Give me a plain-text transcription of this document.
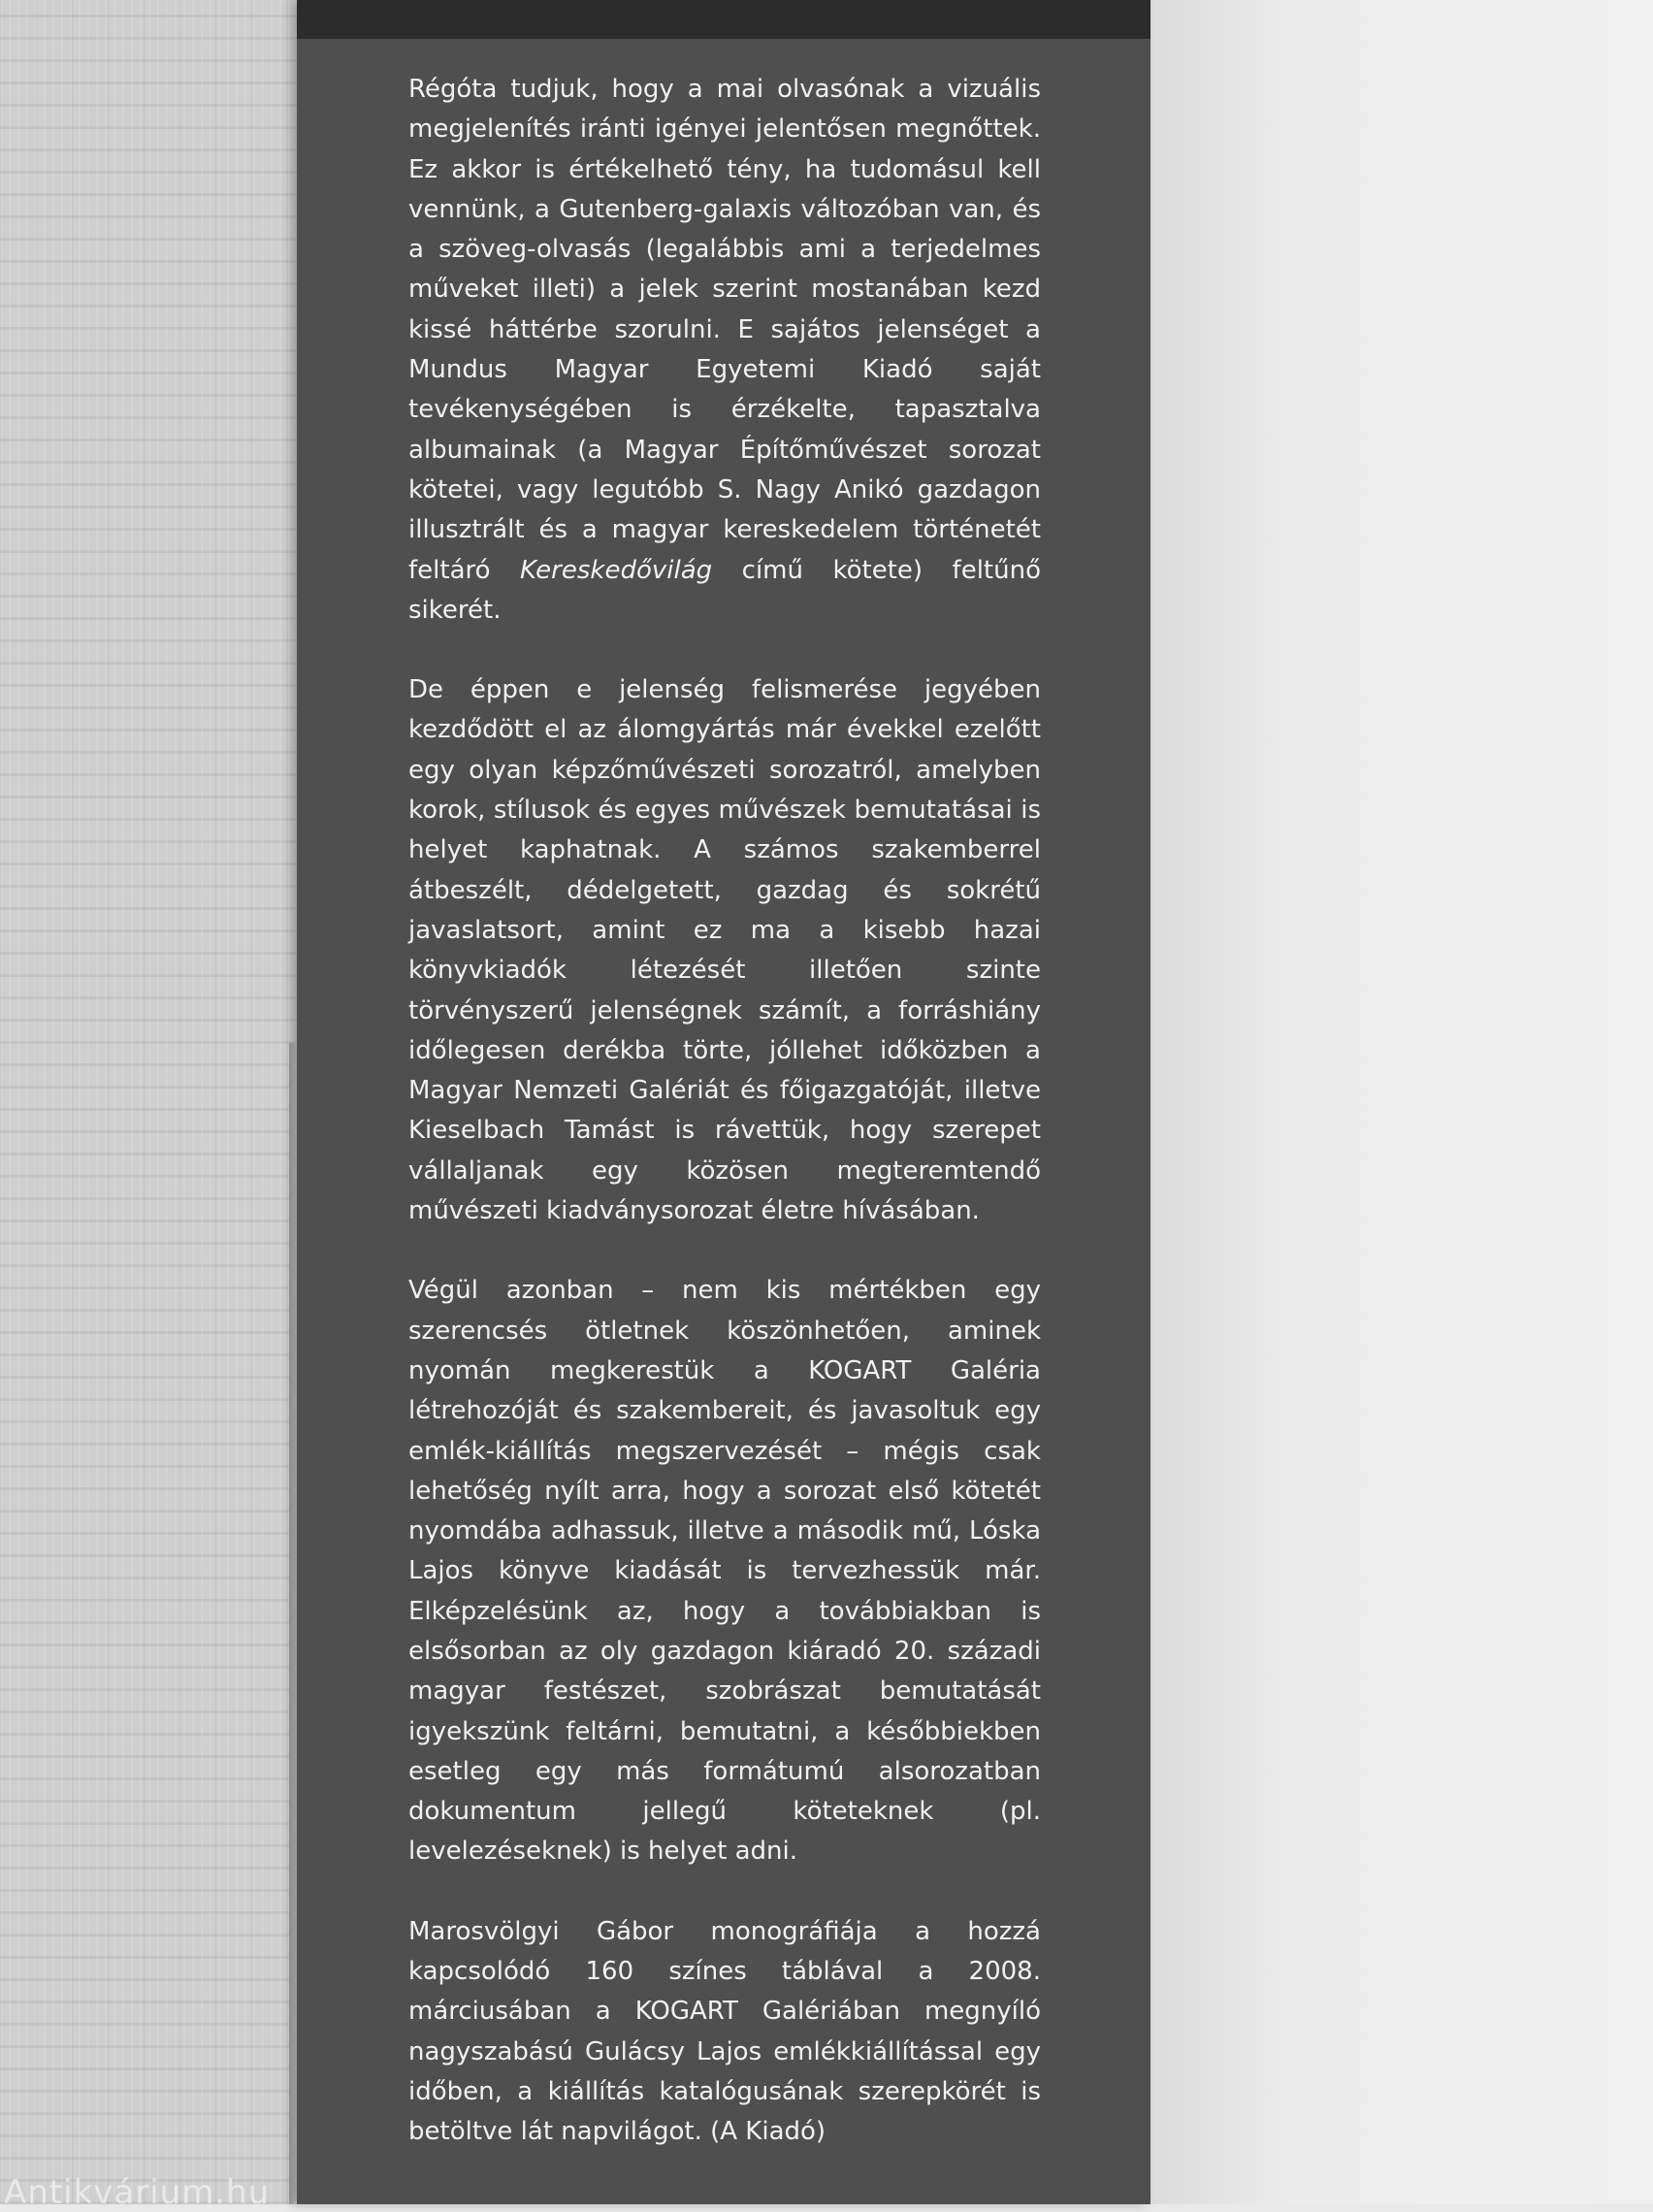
Régóta tudjuk, hogy a mai olvasónak a vizuális megjelenítés iránti igényei jelentősen megnőttek. Ez akkor is értékelhető tény, ha tudomásul kell vennünk, a Gutenberg-galaxis változóban van, és a szöveg-olvasás (legalábbis ami a terjedelmes műveket illeti) a jelek szerint mostanában kezd kissé háttérbe szorulni. E sajátos jelenséget a Mundus Magyar Egyetemi Kiadó saját tevékenységében is érzékelte, tapasztalva albumainak (a Magyar Építőművészet sorozat kötetei, vagy legutóbb S. Nagy Anikó gazdagon illusztrált és a magyar kereskedelem történetét feltáró Kereskedővilág című kötete) feltűnő sikerét.

De éppen e jelenség felismerése jegyében kezdődött el az álomgyártás már évekkel ezelőtt egy olyan képzőművészeti sorozatról, amelyben korok, stílusok és egyes művészek bemutatásai is helyet kaphatnak. A számos szakemberrel átbeszélt, dédelgetett, gazdag és sokrétű javaslatsort, amint ez ma a kisebb hazai könyvkiadók létezését illetően szinte törvényszerű jelenségnek számít, a forráshiány időlegesen derékba törte, jóllehet időközben a Magyar Nemzeti Galériát és főigazgatóját, illetve Kieselbach Tamást is rávettük, hogy szerepet vállaljanak egy közösen megteremtendő művészeti kiadványsorozat életre hívásában.

Végül azonban – nem kis mértékben egy szerencsés ötletnek köszönhetően, aminek nyomán megkerestük a KOGART Galéria létrehozóját és szakembereit, és javasoltuk egy emlék-kiállítás megszervezését – mégis csak lehetőség nyílt arra, hogy a sorozat első kötetét nyomdába adhassuk, illetve a második mű, Lóska Lajos könyve kiadását is tervezhessük már. Elképzelésünk az, hogy a továbbiakban is elsősorban az oly gazdagon kiáradó 20. századi magyar festészet, szobrászat bemutatását igyekszünk feltárni, bemutatni, a későbbiekben esetleg egy más formátumú alsorozatban dokumentum jellegű köteteknek (pl. levelezéseknek) is helyet adni.

Marosvölgyi Gábor monográfiája a hozzá kapcsolódó 160 színes táblával a 2008. márciusában a KOGART Galériában megnyíló nagyszabású Gulácsy Lajos emlékkiállítással egy időben, a kiállítás katalógusának szerepkörét is betöltve lát napvilágot. (A Kiadó)

Antikvárium.hu
